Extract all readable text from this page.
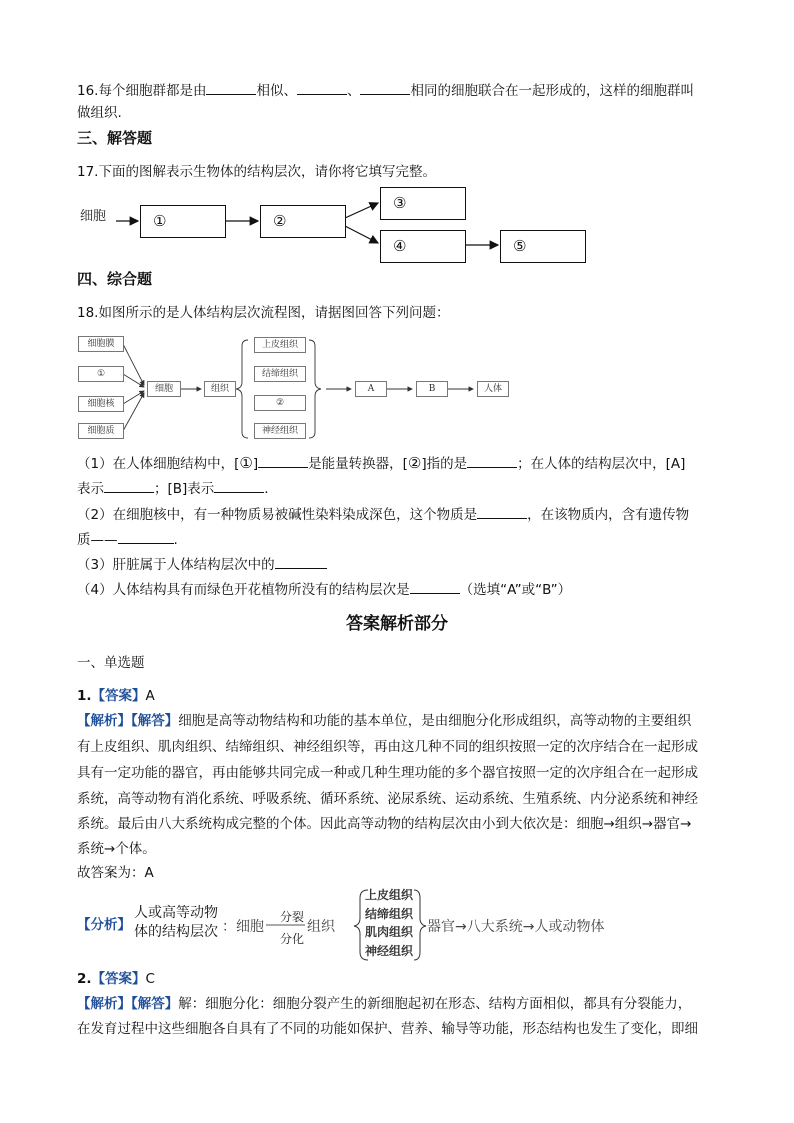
16.每个细胞群都是由	相似、	、	相同的细胞联合在一起形成的，这样的细胞群叫
做组织.
三、解答题
17.下面的图解表示生物体的结构层次，请你将它填写完整。
细胞	①	②
③
④	⑤
四、综合题
18.如图所示的是人体结构层次流程图，请据图回答下列问题：
细胞膜
①
细胞核
细胞质
细胞	组织
上皮组织
结缔组织
②
神经组织
A	B	人体
（1）在人体细胞结构中，[①]	是能量转换器，[②]指的是	；在人体的结构层次中，[A]
表示	；[B]表示	.
（2）在细胞核中，有一种物质易被碱性染料染成深色，这个物质是	，在该物质内，含有遗传物
质——	.
（3）肝脏属于人体结构层次中的
（4）人体结构具有而绿色开花植物所没有的结构层次是	（选填“A”或“B”）
答案解析部分
一、单选题
1.【答案】A
【解析】【解答】细胞是高等动物结构和功能的基本单位，是由细胞分化形成组织，高等动物的主要组织
有上皮组织、肌肉组织、结缔组织、神经组织等，再由这几种不同的组织按照一定的次序结合在一起形成
具有一定功能的器官，再由能够共同完成一种或几种生理功能的多个器官按照一定的次序组合在一起形成
系统，高等动物有消化系统、呼吸系统、循环系统、泌尿系统、运动系统、生殖系统、内分泌系统和神经
系统。最后由八大系统构成完整的个体。因此高等动物的结构层次由小到大依次是：细胞→组织→器官→
系统→个体。
故答案为：A
【分析】
人或高等动物
体的结构层次 ： 细胞
分裂
分化
组织
上皮组织
结缔组织
肌肉组织
神经组织
器官→八大系统→人或动物体
2.【答案】C
【解析】【解答】解：细胞分化：细胞分裂产生的新细胞起初在形态、结构方面相似，都具有分裂能力，
在发育过程中这些细胞各自具有了不同的功能如保护、营养、输导等功能，形态结构也发生了变化，即细
